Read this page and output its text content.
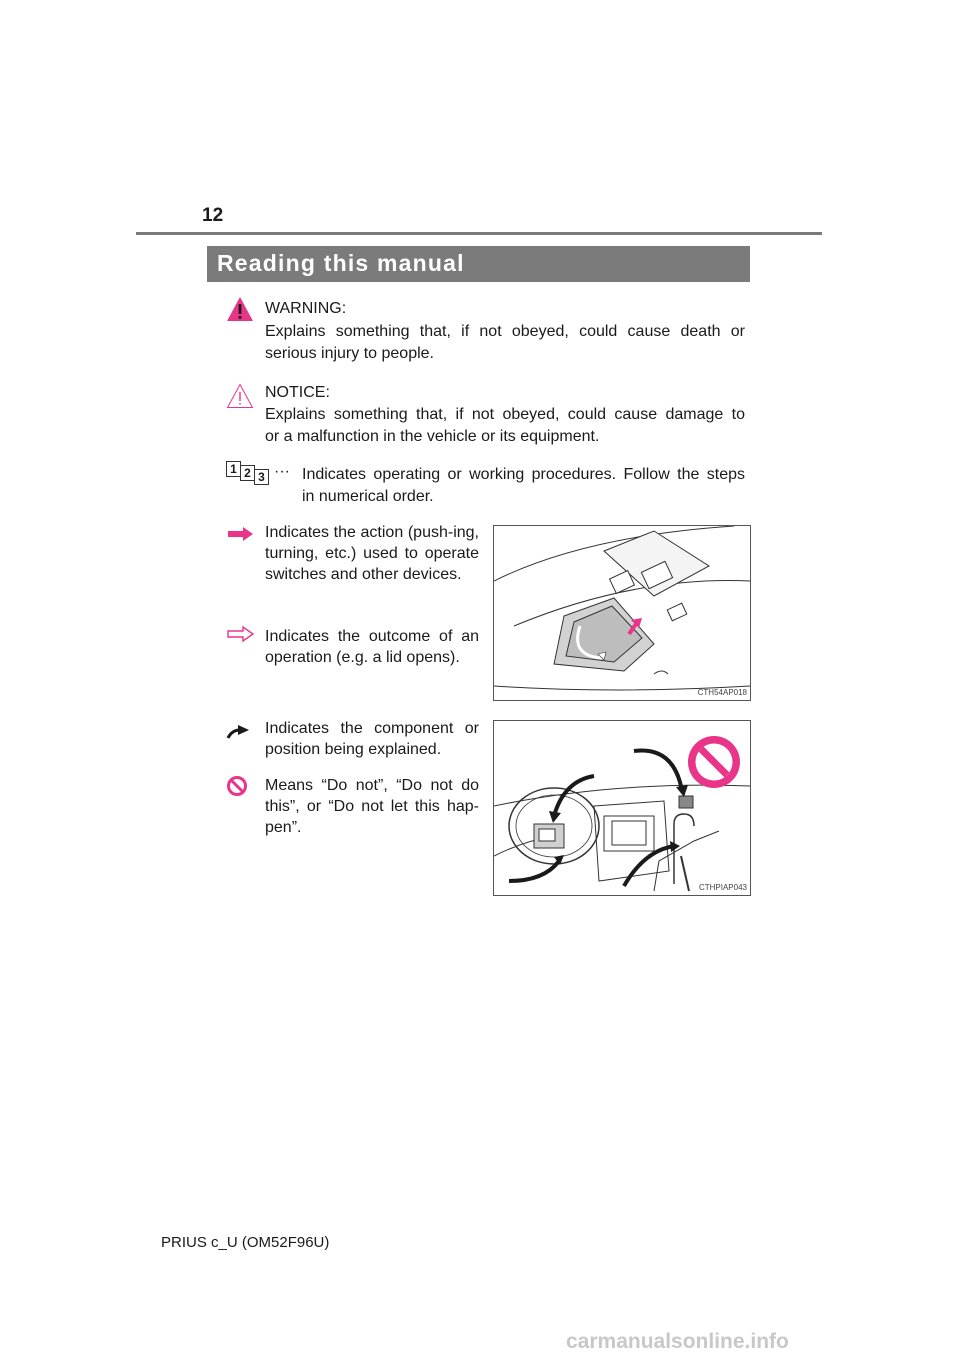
12
Reading this manual
WARNING:
Explains something that, if not obeyed, could cause death or
serious injury to people.
NOTICE:
Explains something that, if not obeyed, could cause damage to
or a malfunction in the vehicle or its equipment.
1 2 3 ··· Indicates operating or working procedures. Follow the steps
in numerical order.
Indicates the action (push-ing, turning, etc.) used to operate switches and other devices.
Indicates the outcome of an operation (e.g. a lid opens).
CTH54AP018
Indicates the component or position being explained.
Means “Do not”, “Do not do this”, or “Do not let this hap-pen”.
CTHPIAP043
PRIUS c_U (OM52F96U)
carmanualsonline.info
